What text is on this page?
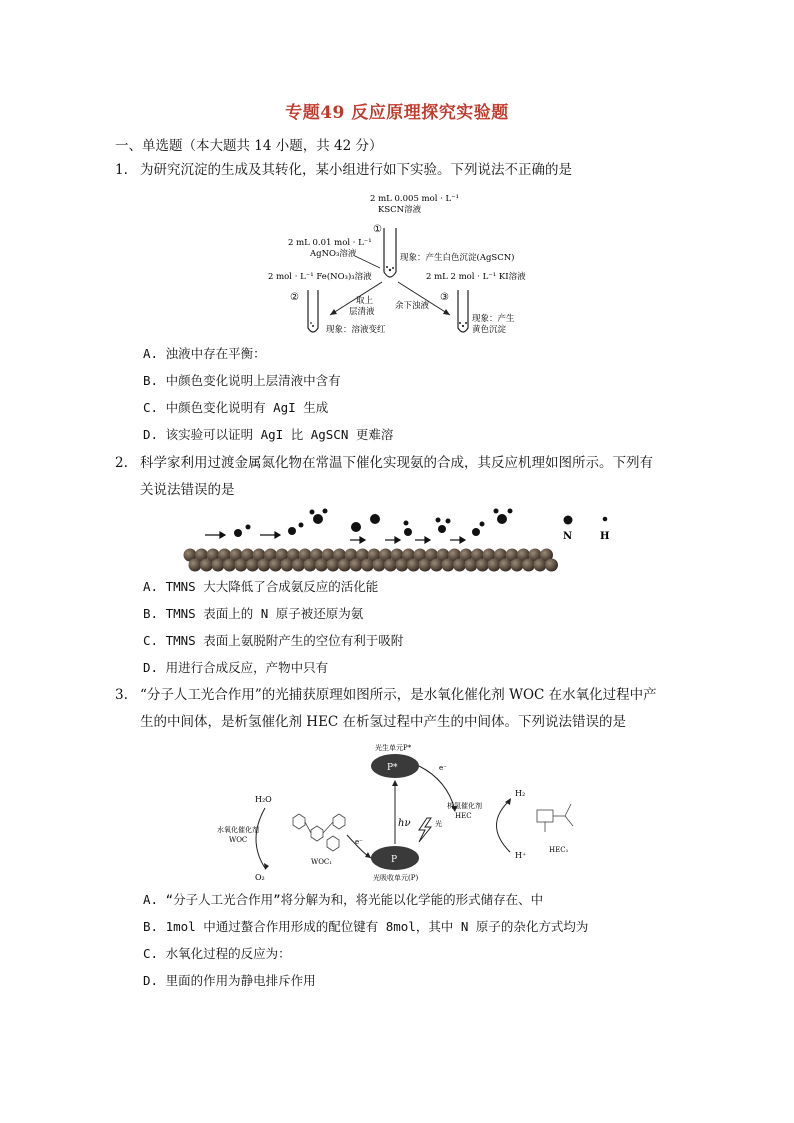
专题49 反应原理探究实验题
一、单选题（本大题共 14 小题，共 42 分）
1. 为研究沉淀的生成及其转化，某小组进行如下实验。下列说法不正确的是
2 mL 0.005 mol · L⁻¹
KSCN溶液
①
2 mL 0.01 mol · L⁻¹
AgNO₃溶液	现象：产生白色沉淀(AgSCN)
2 mol · L⁻¹ Fe(NO₃)₃溶液	2 mL 2 mol · L⁻¹ KI溶液
②	③
取上
层清液
余下浊液
现象：溶液变红
现象：产生
黄色沉淀
A. 浊液中存在平衡：
B. 中颜色变化说明上层清液中含有
C. 中颜色变化说明有 AgI 生成
D. 该实验可以证明 AgI 比 AgSCN 更难溶
2. 科学家利用过渡金属氮化物在常温下催化实现氨的合成，其反应机理如图所示。下列有
关说法错误的是
N	H
A. TMNS 大大降低了合成氨反应的活化能
B. TMNS 表面上的 N 原子被还原为氨
C. TMNS 表面上氨脱附产生的空位有利于吸附
D. 用进行合成反应，产物中只有
3. “分子人工光合作用”的光捕获原理如图所示，是水氧化催化剂 WOC 在水氧化过程中产
生的中间体，是析氢催化剂 HEC 在析氢过程中产生的中间体。下列说法错误的是
光生单元P*
P*
P
光吸收单元(P)
hν	光
e⁻
析氢催化剂
HEC
e⁻
H₂O
O₂
水氧化催化剂
WOC
WOC₁
H₂
H⁺
HEC₁
A. “分子人工光合作用”将分解为和，将光能以化学能的形式储存在、中
B. 1mol 中通过螯合作用形成的配位键有 8mol，其中 N 原子的杂化方式均为
C. 水氧化过程的反应为：
D. 里面的作用为静电排斥作用
